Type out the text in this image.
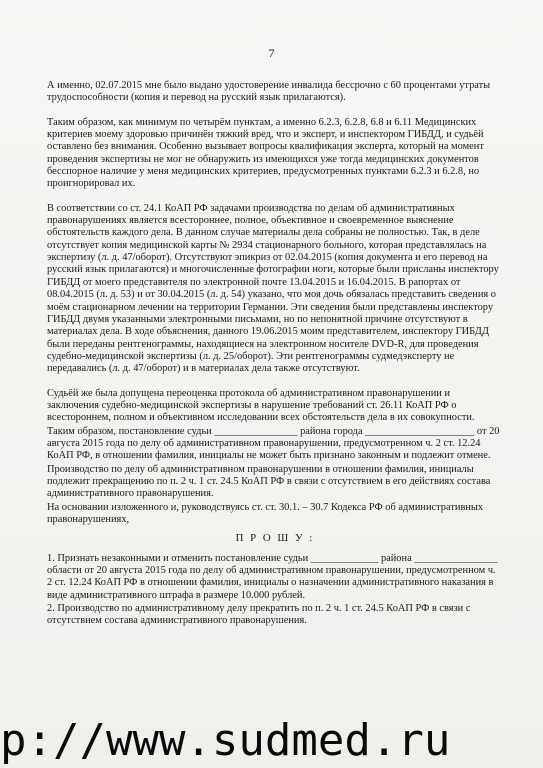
7

А именно, 02.07.2015 мне было выдано удостоверение инвалида бессрочно с 60 процентами утраты трудоспособности (копия и перевод на русский язык прилагаются).

Таким образом, как минимум по четырём пунктам, а именно 6.2.3, 6.2.8, 6.8 и 6.11 Медицинских критериев моему здоровью причинён тяжкий вред, что и эксперт, и инспектором ГИБДД, и судьёй оставлено без внимания. Особенно вызывает вопросы квалификация эксперта, который на момент проведения экспертизы не мог не обнаружить из имеющихся уже тогда медицинских документов бесспорное наличие у меня медицинских критериев, предусмотренных пунктами 6.2.3 и 6.2.8, но проигнорировал их.

В соответствии со ст. 24.1 КоАП РФ задачами производства по делам об административных правонарушениях является всестороннее, полное, объективное и своевременное выяснение обстоятельств каждого дела. В данном случае материалы дела собраны не полностью. Так, в деле отсутствует копия медицинской карты № 2934 стационарного больного, которая представлялась на экспертизу (л. д. 47/оборот). Отсутствуют эпикриз от 02.04.2015 (копия документа и его перевод на русский язык прилагаются) и многочисленные фотографии ноги, которые были присланы инспектору ГИБДД от моего представителя по электронной почте 13.04.2015 и 16.04.2015. В рапортах от 08.04.2015 (л. д. 53) и от 30.04.2015 (л. д. 54) указано, что моя дочь обязалась представить сведения о моём стационарном лечении на территории Германии. Эти сведения были представлены инспектору ГИБДД двумя указанными электронными письмами, но по непонятной причине отсутствуют в материалах дела. В ходе объяснения, данного 19.06.2015 моим представителем, инспектору ГИБДД были переданы рентгенограммы, находящиеся на электронном носителе DVD-R, для проведения судебно-медицинской экспертизы (л. д. 25/оборот). Эти рентгенограммы судмедэксперту не передавались (л. д. 47/оборот) и в материалах дела также отсутствуют.

Судьёй же была допущена переоценка протокола об административном правонарушении и заключения судебно-медицинской экспертизы в нарушение требований ст. 26.11 КоАП РФ о всестороннем, полном и объективном исследовании всех обстоятельств дела в их совокупности.

Таким образом, постановление судьи ________________ района города _____________________ от 20 августа 2015 года по делу об административном правонарушении, предусмотренном ч. 2 ст. 12.24 КоАП РФ, в отношении фамилия, инициалы не может быть признано законным и подлежит отмене.

Производство по делу об административном правонарушении в отношении фамилия, инициалы подлежит прекращению по п. 2 ч. 1 ст. 24.5 КоАП РФ в связи с отсутствием в его действиях состава административного правонарушения.

На основании изложенного и, руководствуясь ст. ст. 30.1. – 30.7 Кодекса РФ об административных правонарушениях,

П Р О Ш У :

1. Признать незаконными и отменить постановление судьи _____________ района ________________ области от 20 августа 2015 года по делу об административном правонарушении, предусмотренном ч. 2 ст. 12.24 КоАП РФ в отношении фамилия, инициалы о назначении административного наказания в виде административного штрафа в размере 10.000 рублей.

2. Производство по административному делу прекратить по п. 2 ч. 1 ст. 24.5 КоАП РФ в связи с отсутствием состава административного правонарушения.

p://www.sudmed.ru
